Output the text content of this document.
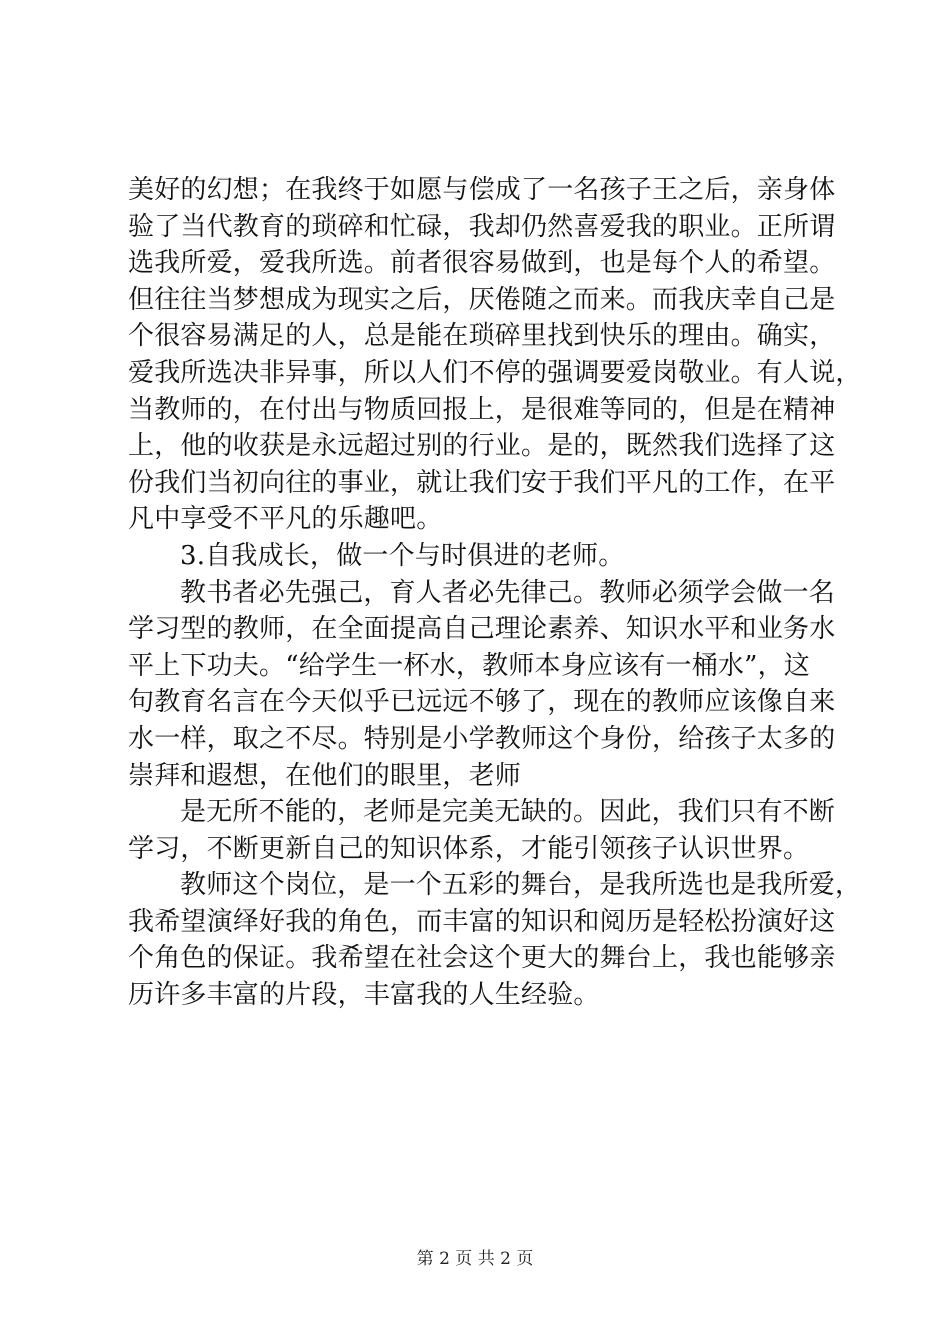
美好的幻想；在我终于如愿与偿成了一名孩子王之后，亲身体
验了当代教育的琐碎和忙碌，我却仍然喜爱我的职业。正所谓
选我所爱，爱我所选。前者很容易做到，也是每个人的希望。
但往往当梦想成为现实之后，厌倦随之而来。而我庆幸自己是
个很容易满足的人，总是能在琐碎里找到快乐的理由。确实，
爱我所选决非异事，所以人们不停的强调要爱岗敬业。有人说，
当教师的，在付出与物质回报上，是很难等同的，但是在精神
上，他的收获是永远超过别的行业。是的，既然我们选择了这
份我们当初向往的事业，就让我们安于我们平凡的工作，在平
凡中享受不平凡的乐趣吧。
3.自我成长，做一个与时俱进的老师。
教书者必先强己，育人者必先律己。教师必须学会做一名
学习型的教师，在全面提高自己理论素养、知识水平和业务水
平上下功夫。“给学生一杯水，教师本身应该有一桶水”，这
句教育名言在今天似乎已远远不够了，现在的教师应该像自来
水一样，取之不尽。特别是小学教师这个身份，给孩子太多的
崇拜和遐想，在他们的眼里，老师
是无所不能的，老师是完美无缺的。因此，我们只有不断
学习，不断更新自己的知识体系，才能引领孩子认识世界。
教师这个岗位，是一个五彩的舞台，是我所选也是我所爱，
我希望演绎好我的角色，而丰富的知识和阅历是轻松扮演好这
个角色的保证。我希望在社会这个更大的舞台上，我也能够亲
历许多丰富的片段，丰富我的人生经验。
第 2 页 共 2 页
